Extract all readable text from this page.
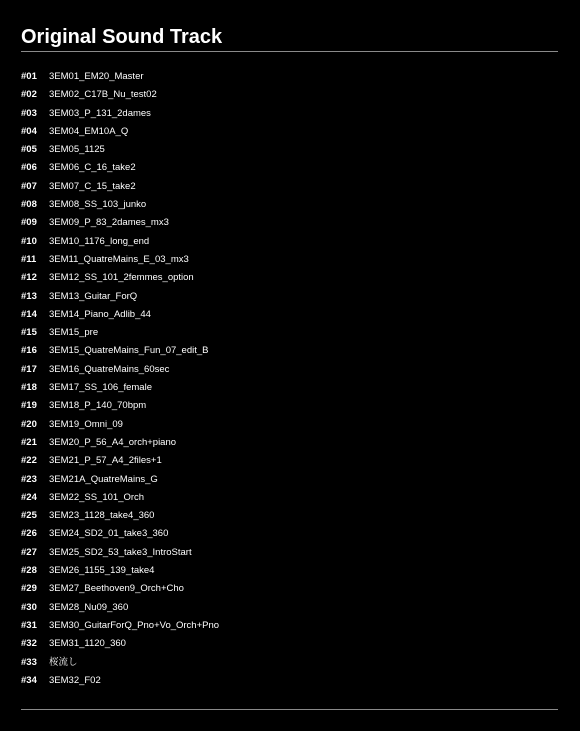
Original Sound Track
#01	3EM01_EM20_Master
#02	3EM02_C17B_Nu_test02
#03	3EM03_P_131_2dames
#04	3EM04_EM10A_Q
#05	3EM05_1125
#06	3EM06_C_16_take2
#07	3EM07_C_15_take2
#08	3EM08_SS_103_junko
#09	3EM09_P_83_2dames_mx3
#10	3EM10_1176_long_end
#11	3EM11_QuatreMains_E_03_mx3
#12	3EM12_SS_101_2femmes_option
#13	3EM13_Guitar_ForQ
#14	3EM14_Piano_Adlib_44
#15	3EM15_pre
#16	3EM15_QuatreMains_Fun_07_edit_B
#17	3EM16_QuatreMains_60sec
#18	3EM17_SS_106_female
#19	3EM18_P_140_70bpm
#20	3EM19_Omni_09
#21	3EM20_P_56_A4_orch+piano
#22	3EM21_P_57_A4_2files+1
#23	3EM21A_QuatreMains_G
#24	3EM22_SS_101_Orch
#25	3EM23_1128_take4_360
#26	3EM24_SD2_01_take3_360
#27	3EM25_SD2_53_take3_IntroStart
#28	3EM26_1155_139_take4
#29	3EM27_Beethoven9_Orch+Cho
#30	3EM28_Nu09_360
#31	3EM30_GuitarForQ_Pno+Vo_Orch+Pno
#32	3EM31_1120_360
#33	桜流し
#34	3EM32_F02
